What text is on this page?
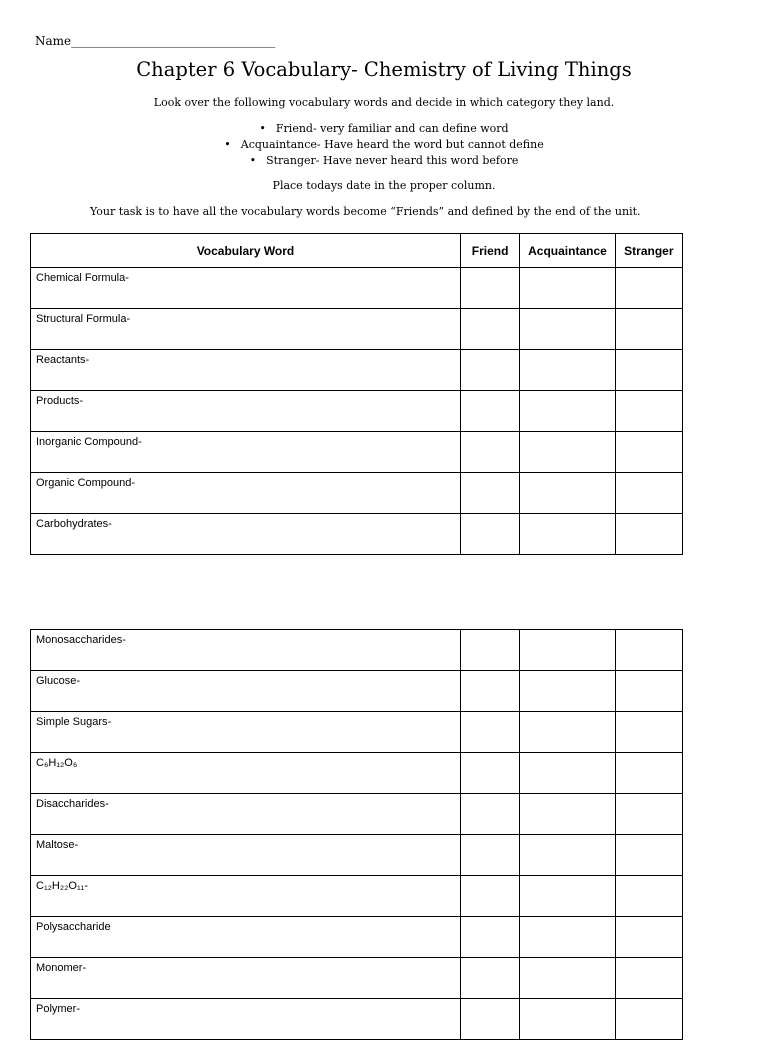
Name__________________________________
Chapter 6 Vocabulary- Chemistry of Living Things
Look over the following vocabulary words and decide in which category they land.
• Friend- very familiar and can define word
• Acquaintance- Have heard the word but cannot define
• Stranger- Have never heard this word before
Place todays date in the proper column.
Your task is to have all the vocabulary words become “Friends” and defined by the end of the unit.
Vocabulary Word	Friend	Acquaintance	Stranger
Chemical Formula-			
Structural Formula-			
Reactants-			
Products-			
Inorganic Compound-			
Organic Compound-			
Carbohydrates-			
Monosaccharides-			
Glucose-			
Simple Sugars-			
C₆H₁₂O₆			
Disaccharides-			
Maltose-			
C₁₂H₂₂O₁₁-			
Polysaccharide			
Monomer-			
Polymer-			
